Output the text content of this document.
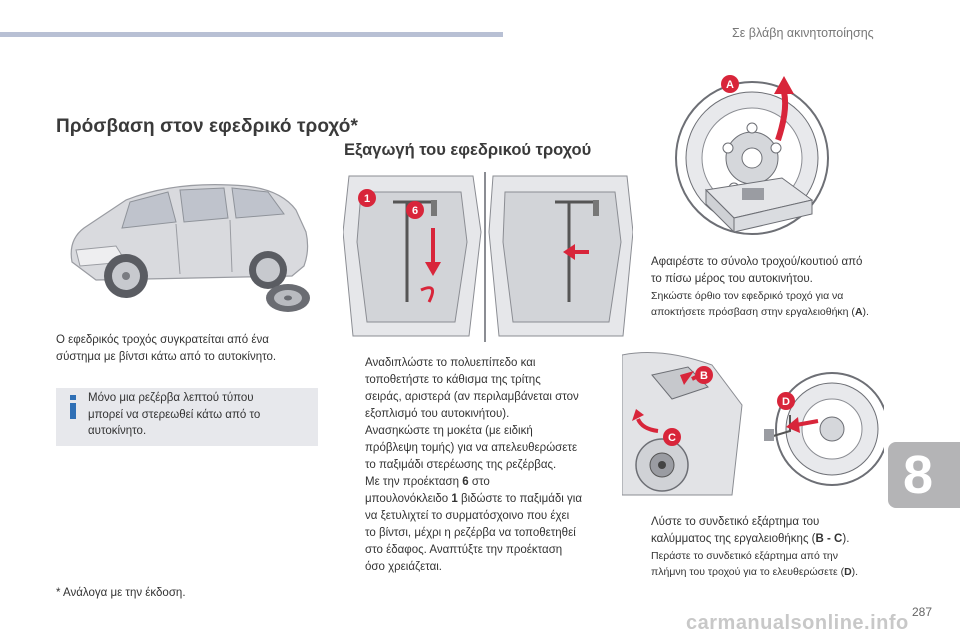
Σε βλάβη ακινητοποίησης
Πρόσβαση στον εφεδρικό τροχό*
Εξαγωγή του εφεδρικού τροχού
Ο εφεδρικός τροχός συγκρατείται από ένα
σύστημα με βίντσι κάτω από το αυτοκίνητο.
Μόνο μια ρεζέρβα λεπτού τύπου
μπορεί να στερεωθεί κάτω από το
αυτοκίνητο.
1
6
Αναδιπλώστε το πολυεπίπεδο και
τοποθετήστε το κάθισμα της τρίτης
σειράς, αριστερά (αν περιλαμβάνεται στον
εξοπλισμό του αυτοκινήτου).
Ανασηκώστε τη μοκέτα (με ειδική
πρόβλεψη τομής) για να απελευθερώσετε
το παξιμάδι στερέωσης της ρεζέρβας.
Με την προέκταση 6 στο
μπουλονόκλειδο 1 βιδώστε το παξιμάδι για
να ξετυλιχτεί το συρματόσχοινο που έχει
το βίντσι, μέχρι η ρεζέρβα να τοποθετηθεί
στο έδαφος. Αναπτύξτε την προέκταση
όσο χρειάζεται.
A
Αφαιρέστε το σύνολο τροχού/κουτιού από
το πίσω μέρος του αυτοκινήτου.
Σηκώστε όρθιο τον εφεδρικό τροχό για να
αποκτήσετε πρόσβαση στην εργαλειοθήκη (A).
B
C
D
Λύστε το συνδετικό εξάρτημα του
καλύμματος της εργαλειοθήκης (B - C).
Περάστε το συνδετικό εξάρτημα από την
πλήμνη του τροχού για το ελευθερώσετε (D).
8
* Ανάλογα με την έκδοση.
287
carmanualsonline.info
